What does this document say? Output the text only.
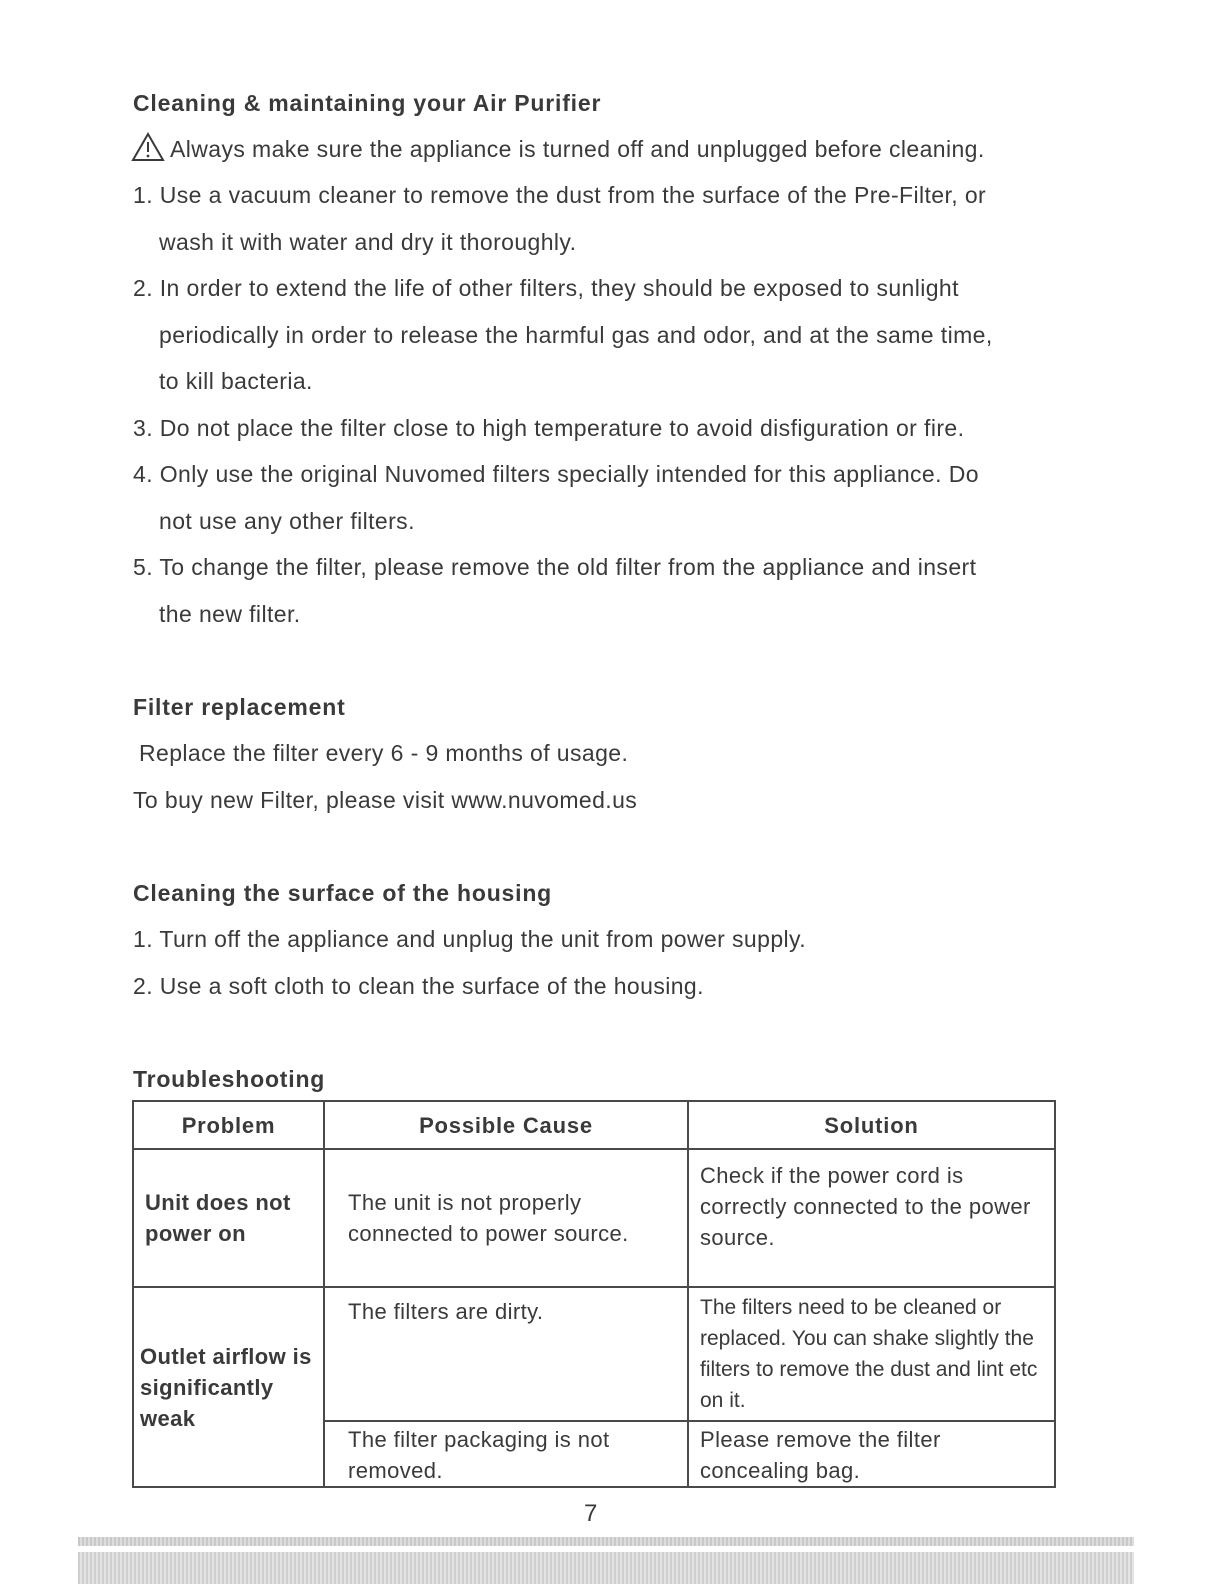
Cleaning & maintaining your Air Purifier
Always make sure the appliance is turned off and unplugged before cleaning.
1. Use a vacuum cleaner to remove the dust from the surface of the Pre-Filter, or
wash it with water and dry it thoroughly.
2. In order to extend the life of other filters, they should be exposed to sunlight
periodically in order to release the harmful gas and odor, and at the same time,
to kill bacteria.
3. Do not place the filter close to high temperature to avoid disfiguration or fire.
4. Only use the original Nuvomed filters specially intended for this appliance. Do
not use any other filters.
5. To change the filter, please remove the old filter from the appliance and insert
the new filter.
Filter replacement
Replace the filter every 6 - 9 months of usage.
To buy new Filter, please visit www.nuvomed.us
Cleaning the surface of the housing
1. Turn off the appliance and unplug the unit from power supply.
2. Use a soft cloth to clean the surface of the housing.
Troubleshooting
Problem	Possible Cause	Solution
Unit does not power on	The unit is not properly connected to power source.	Check if the power cord is correctly connected to the power source.
Outlet airflow is significantly weak	The filters are dirty.	The filters need to be cleaned or replaced. You can shake slightly the filters to remove the dust and lint etc on it.
	The filter packaging is not removed.	Please remove the filter concealing bag.
7
